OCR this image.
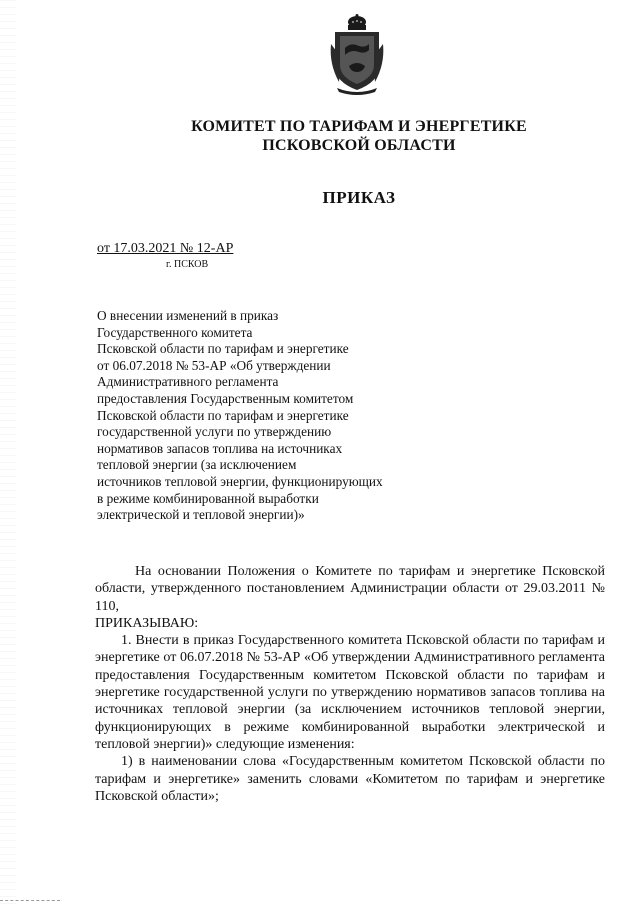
КОМИТЕТ ПО ТАРИФАМ И ЭНЕРГЕТИКЕ
ПСКОВСКОЙ ОБЛАСТИ
ПРИКАЗ
от 17.03.2021 № 12-АР
г. ПСКОВ
О внесении изменений в приказ
Государственного комитета
Псковской области по тарифам и энергетике
от 06.07.2018 № 53-АР «Об утверждении
Административного регламента
предоставления Государственным комитетом
Псковской области по тарифам и энергетике
государственной услуги по утверждению
нормативов запасов топлива на источниках
тепловой энергии (за исключением
источников тепловой энергии, функционирующих
в режиме комбинированной выработки
электрической и тепловой энергии)»

На основании Положения о Комитете по тарифам и энергетике Псковской области, утвержденного постановлением Администрации области от 29.03.2011 № 110,

ПРИКАЗЫВАЮ:

1. Внести в приказ Государственного комитета Псковской области по тарифам и энергетике от 06.07.2018 № 53-АР «Об утверждении Административного регламента предоставления Государственным комитетом Псковской области по тарифам и энергетике государственной услуги по утверждению нормативов запасов топлива на источниках тепловой энергии (за исключением источников тепловой энергии, функционирующих в режиме комбинированной выработки электрической и тепловой энергии)» следующие изменения:

1) в наименовании слова «Государственным комитетом Псковской области по тарифам и энергетике» заменить словами «Комитетом по тарифам и энергетике Псковской области»;
